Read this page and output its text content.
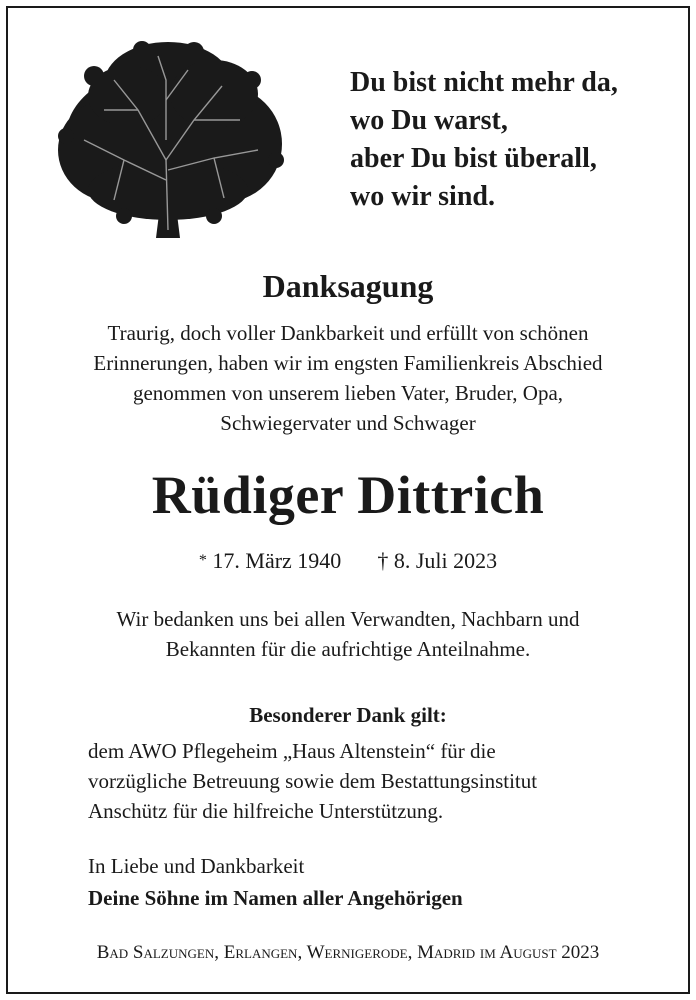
Du bist nicht mehr da,
wo Du warst,
aber Du bist überall,
wo wir sind.
Danksagung
Traurig, doch voller Dankbarkeit und erfüllt von schönen
Erinnerungen, haben wir im engsten Familienkreis Abschied
genommen von unserem lieben Vater, Bruder, Opa,
Schwiegervater und Schwager
Rüdiger Dittrich
* 17. März 1940 † 8. Juli 2023
Wir bedanken uns bei allen Verwandten, Nachbarn und
Bekannten für die aufrichtige Anteilnahme.
Besonderer Dank gilt:
dem AWO Pflegeheim „Haus Altenstein“ für die
vorzügliche Betreuung sowie dem Bestattungsinstitut
Anschütz für die hilfreiche Unterstützung.
In Liebe und Dankbarkeit
Deine Söhne im Namen aller Angehörigen
Bad Salzungen, Erlangen, Wernigerode, Madrid im August 2023
